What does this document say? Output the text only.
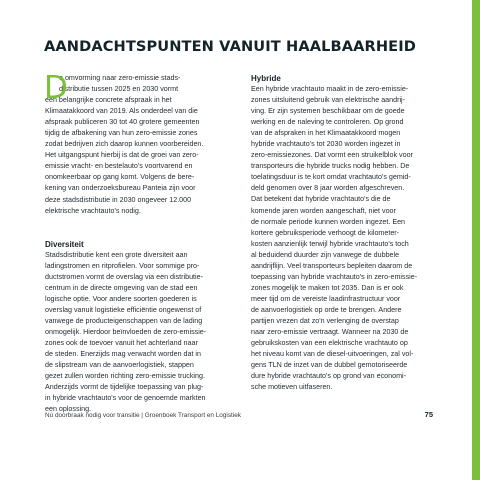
AANDACHTSPUNTEN VANUIT HAALBAARHEID
D

e omvorming naar zero-emissie stads-

distributie tussen 2025 en 2030 vormt

een belangrijke concrete afspraak in het

Klimaatakkoord van 2019. Als onderdeel van die

afspraak publiceren 30 tot 40 grotere gemeenten

tijdig de afbakening van hun zero-emissie zones

zodat bedrijven zich daarop kunnen voorbereiden.

Het uitgangspunt hierbij is dat de groei van zero-

emissie vracht- en bestelauto's voortvarend en

onomkeerbaar op gang komt. Volgens de bere-

kening van onderzoeksbureau Panteia zijn voor

deze stadsdistributie in 2030 ongeveer 12.000

elektrische vrachtauto's nodig.

Diversiteit

Stadsdistributie kent een grote diversiteit aan

ladingstromen en ritprofielen. Voor sommige pro-

ductstromen vormt de overslag via een distributie-

centrum in de directe omgeving van de stad een

logische optie. Voor andere soorten goederen is

overslag vanuit logistieke efficiëntie ongewenst of

vanwege de producteigenschappen van de lading

onmogelijk. Hierdoor beïnvloeden de zero-emissie-

zones ook de toevoer vanuit het achterland naar

de steden. Enerzijds mag verwacht worden dat in

de slipstream van de aanvoerlogistiek, stappen

gezet zullen worden richting zero-emissie trucking.

Anderzijds vormt de tijdelijke toepassing van plug-

in hybride vrachtauto's voor de genoemde markten

een oplossing.

Hybride

Een hybride vrachtauto maakt in de zero-emissie-

zones uitsluitend gebruik van elektrische aandrij-

ving. Er zijn systemen beschikbaar om de goede

werking en de naleving te controleren. Op grond

van de afspraken in het Klimaatakkoord mogen

hybride vrachtauto's tot 2030 worden ingezet in

zero-emissiezones. Dat vormt een struikelblok voor

transporteurs die hybride trucks nodig hebben. De

toelatingsduur is te kort omdat vrachtauto's gemid-

deld genomen over 8 jaar worden afgeschreven.

Dat betekent dat hybride vrachtauto's die de

komende jaren worden aangeschaft, niet voor

de normale periode kunnen worden ingezet. Een

kortere gebruiksperiode verhoogt de kilometer-

kosten aanzienlijk terwijl hybride vrachtauto's toch

al beduidend duurder zijn vanwege de dubbele

aandrijflijn. Veel transporteurs bepleiten daarom de

toepassing van hybride vrachtauto's in zero-emissie-

zones mogelijk te maken tot 2035. Dan is er ook

meer tijd om de vereiste laadinfrastructuur voor

de aanvoerlogistiek op orde te brengen. Andere

partijen vrezen dat zo'n verlenging de overstap

naar zero-emissie vertraagt. Wanneer na 2030 de

gebruikskosten van een elektrische vrachtauto op

het niveau komt van de diesel-uitvoeringen, zal vol-

gens TLN de inzet van de dubbel gemotoriseerde

dure hybride vrachtauto's op grond van economi-

sche motieven uitfaseren.

Nú doorbraak nodig voor transitie | Groenboek Transport en Logistiek	75
